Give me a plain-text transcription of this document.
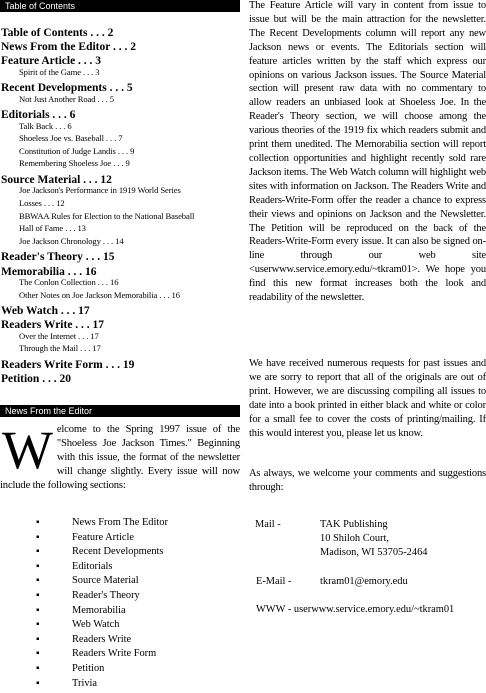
Table of Contents
Table of Contents . . . 2
News From the Editor . . . 2
Feature Article . . . 3
Spirit of the Game . . . 3
Recent Developments . . . 5
Not Just Another Road . . . 5
Editorials . . . 6
Talk Back . . . 6
Shoeless Joe vs. Baseball . . . 7
Constitution of Judge Landis . . . 9
Remembering Shoeless Joe . . . 9
Source Material . . . 12
Joe Jackson's Performance in 1919 World Series
Losses . . . 12
BBWAA Rules for Election to the National Baseball
Hall of Fame . . . 13
Joe Jackson Chronology . . . 14
Reader's Theory . . . 15
Memorabilia . . . 16
The Conlon Collection . . . 16
Other Notes on Joe Jackson Memorabilia . . . 16
Web Watch . . . 17
Readers Write . . . 17
Over the Internet . . . 17
Through the Mail . . . 17
Readers Write Form . . . 19
Petition . . . 20
News From the Editor
Welcome to the Spring 1997 issue of the "Shoeless Joe Jackson Times." Beginning with this issue, the format of the newsletter will change slightly. Every issue will now include the following sections:
▪	News From The Editor
▪	Feature Article
▪	Recent Developments
▪	Editorials
▪	Source Material
▪	Reader's Theory
▪	Memorabilia
▪	Web Watch
▪	Readers Write
▪	Readers Write Form
▪	Petition
▪	Trivia

The Feature Article will vary in content from issue to issue but will be the main attraction for the newsletter. The Recent Developments column will report any new Jackson news or events. The Editorials section will feature articles written by the staff which express our opinions on various Jackson issues. The Source Material section will present raw data with no commentary to allow readers an unbiased look at Shoeless Joe. In the Reader's Theory section, we will choose among the various theories of the 1919 fix which readers submit and print them unedited. The Memorabilia section will report collection opportunities and highlight recently sold rare Jackson items. The Web Watch column will highlight web sites with information on Jackson. The Readers Write and Readers-Write-Form offer the reader a chance to express their views and opinions on Jackson and the Newsletter. The Petition will be reproduced on the back of the Readers-Write-Form every issue. It can also be signed on-line through our web site <userwww.service.emory.edu/~tkram01>. We hope you find this new format increases both the look and readability of the newsletter.

We have received numerous requests for past issues and we are sorry to report that all of the originals are out of print. However, we are discussing compiling all issues to date into a book printed in either black and white or color for a small fee to cover the costs of printing/mailing. If this would interest you, please let us know.

As always, we welcome your comments and suggestions through:

Mail -	TAK Publishing
10 Shiloh Court,
Madison, WI 53705-2464
E-Mail -	tkram01@emory.edu
WWW - userwww.service.emory.edu/~tkram01
